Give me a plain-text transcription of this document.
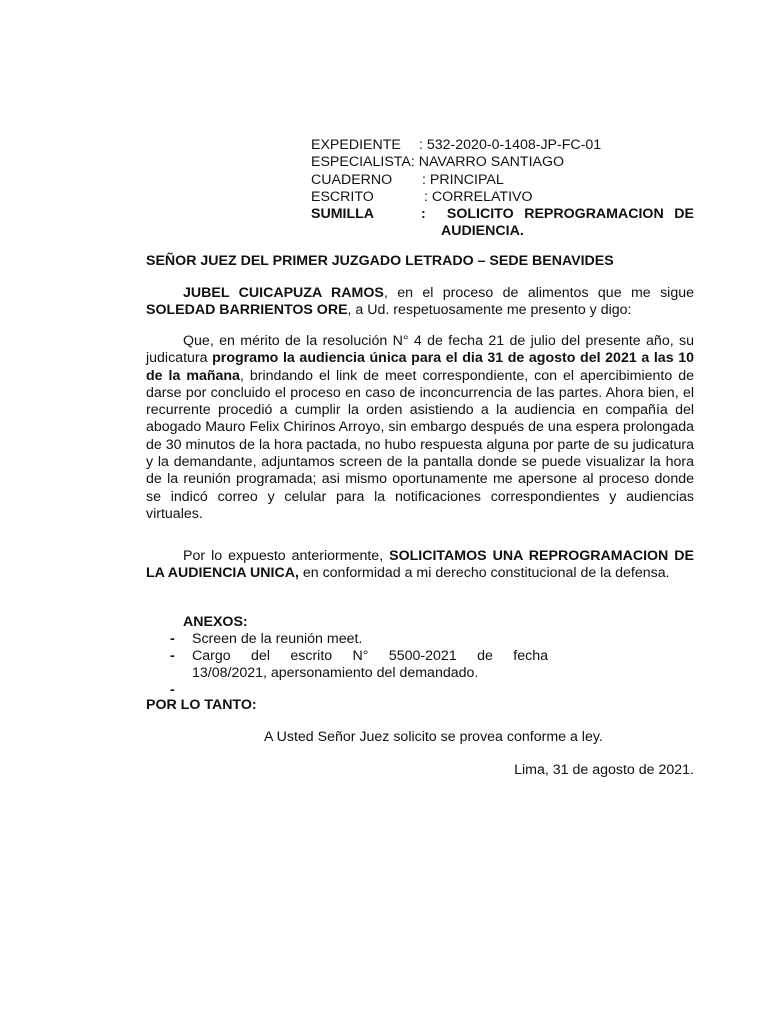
EXPEDIENTE	: 532-2020-0-1408-JP-FC-01
ESPECIALISTA : NAVARRO SANTIAGO
CUADERNO	: PRINCIPAL
ESCRITO	: CORRELATIVO
SUMILLA	:  SOLICITO REPROGRAMACION DE
AUDIENCIA.
SEÑOR JUEZ DEL PRIMER JUZGADO LETRADO – SEDE BENAVIDES
JUBEL CUICAPUZA RAMOS, en el proceso de alimentos que me sigue SOLEDAD BARRIENTOS ORE, a Ud. respetuosamente me presento y digo:
Que, en mérito de la resolución N° 4 de fecha 21 de julio del presente año, su judicatura programo la audiencia única para el dia 31 de agosto del 2021 a las 10 de la mañana, brindando el link de meet correspondiente, con el apercibimiento de darse por concluido el proceso en caso de inconcurrencia de las partes. Ahora bien, el recurrente procedió a cumplir la orden asistiendo a la audiencia en compañía del abogado Mauro Felix Chirinos Arroyo, sin embargo después de una espera prolongada de 30 minutos de la hora pactada, no hubo respuesta alguna por parte de su judicatura y la demandante, adjuntamos screen de la pantalla donde se puede visualizar la hora de la reunión programada; asi mismo oportunamente me apersone al proceso donde se indicó correo y celular para la notificaciones correspondientes y audiencias virtuales.
Por lo expuesto anteriormente, SOLICITAMOS UNA REPROGRAMACION DE LA AUDIENCIA UNICA, en conformidad a mi derecho constitucional de la defensa.
ANEXOS:
-	Screen de la reunión meet.
-	Cargo del escrito N° 5500-2021 de fecha
13/08/2021, apersonamiento del demandado.
-
POR LO TANTO:
A Usted Señor Juez solicito se provea conforme a ley.
Lima, 31 de agosto de 2021.
